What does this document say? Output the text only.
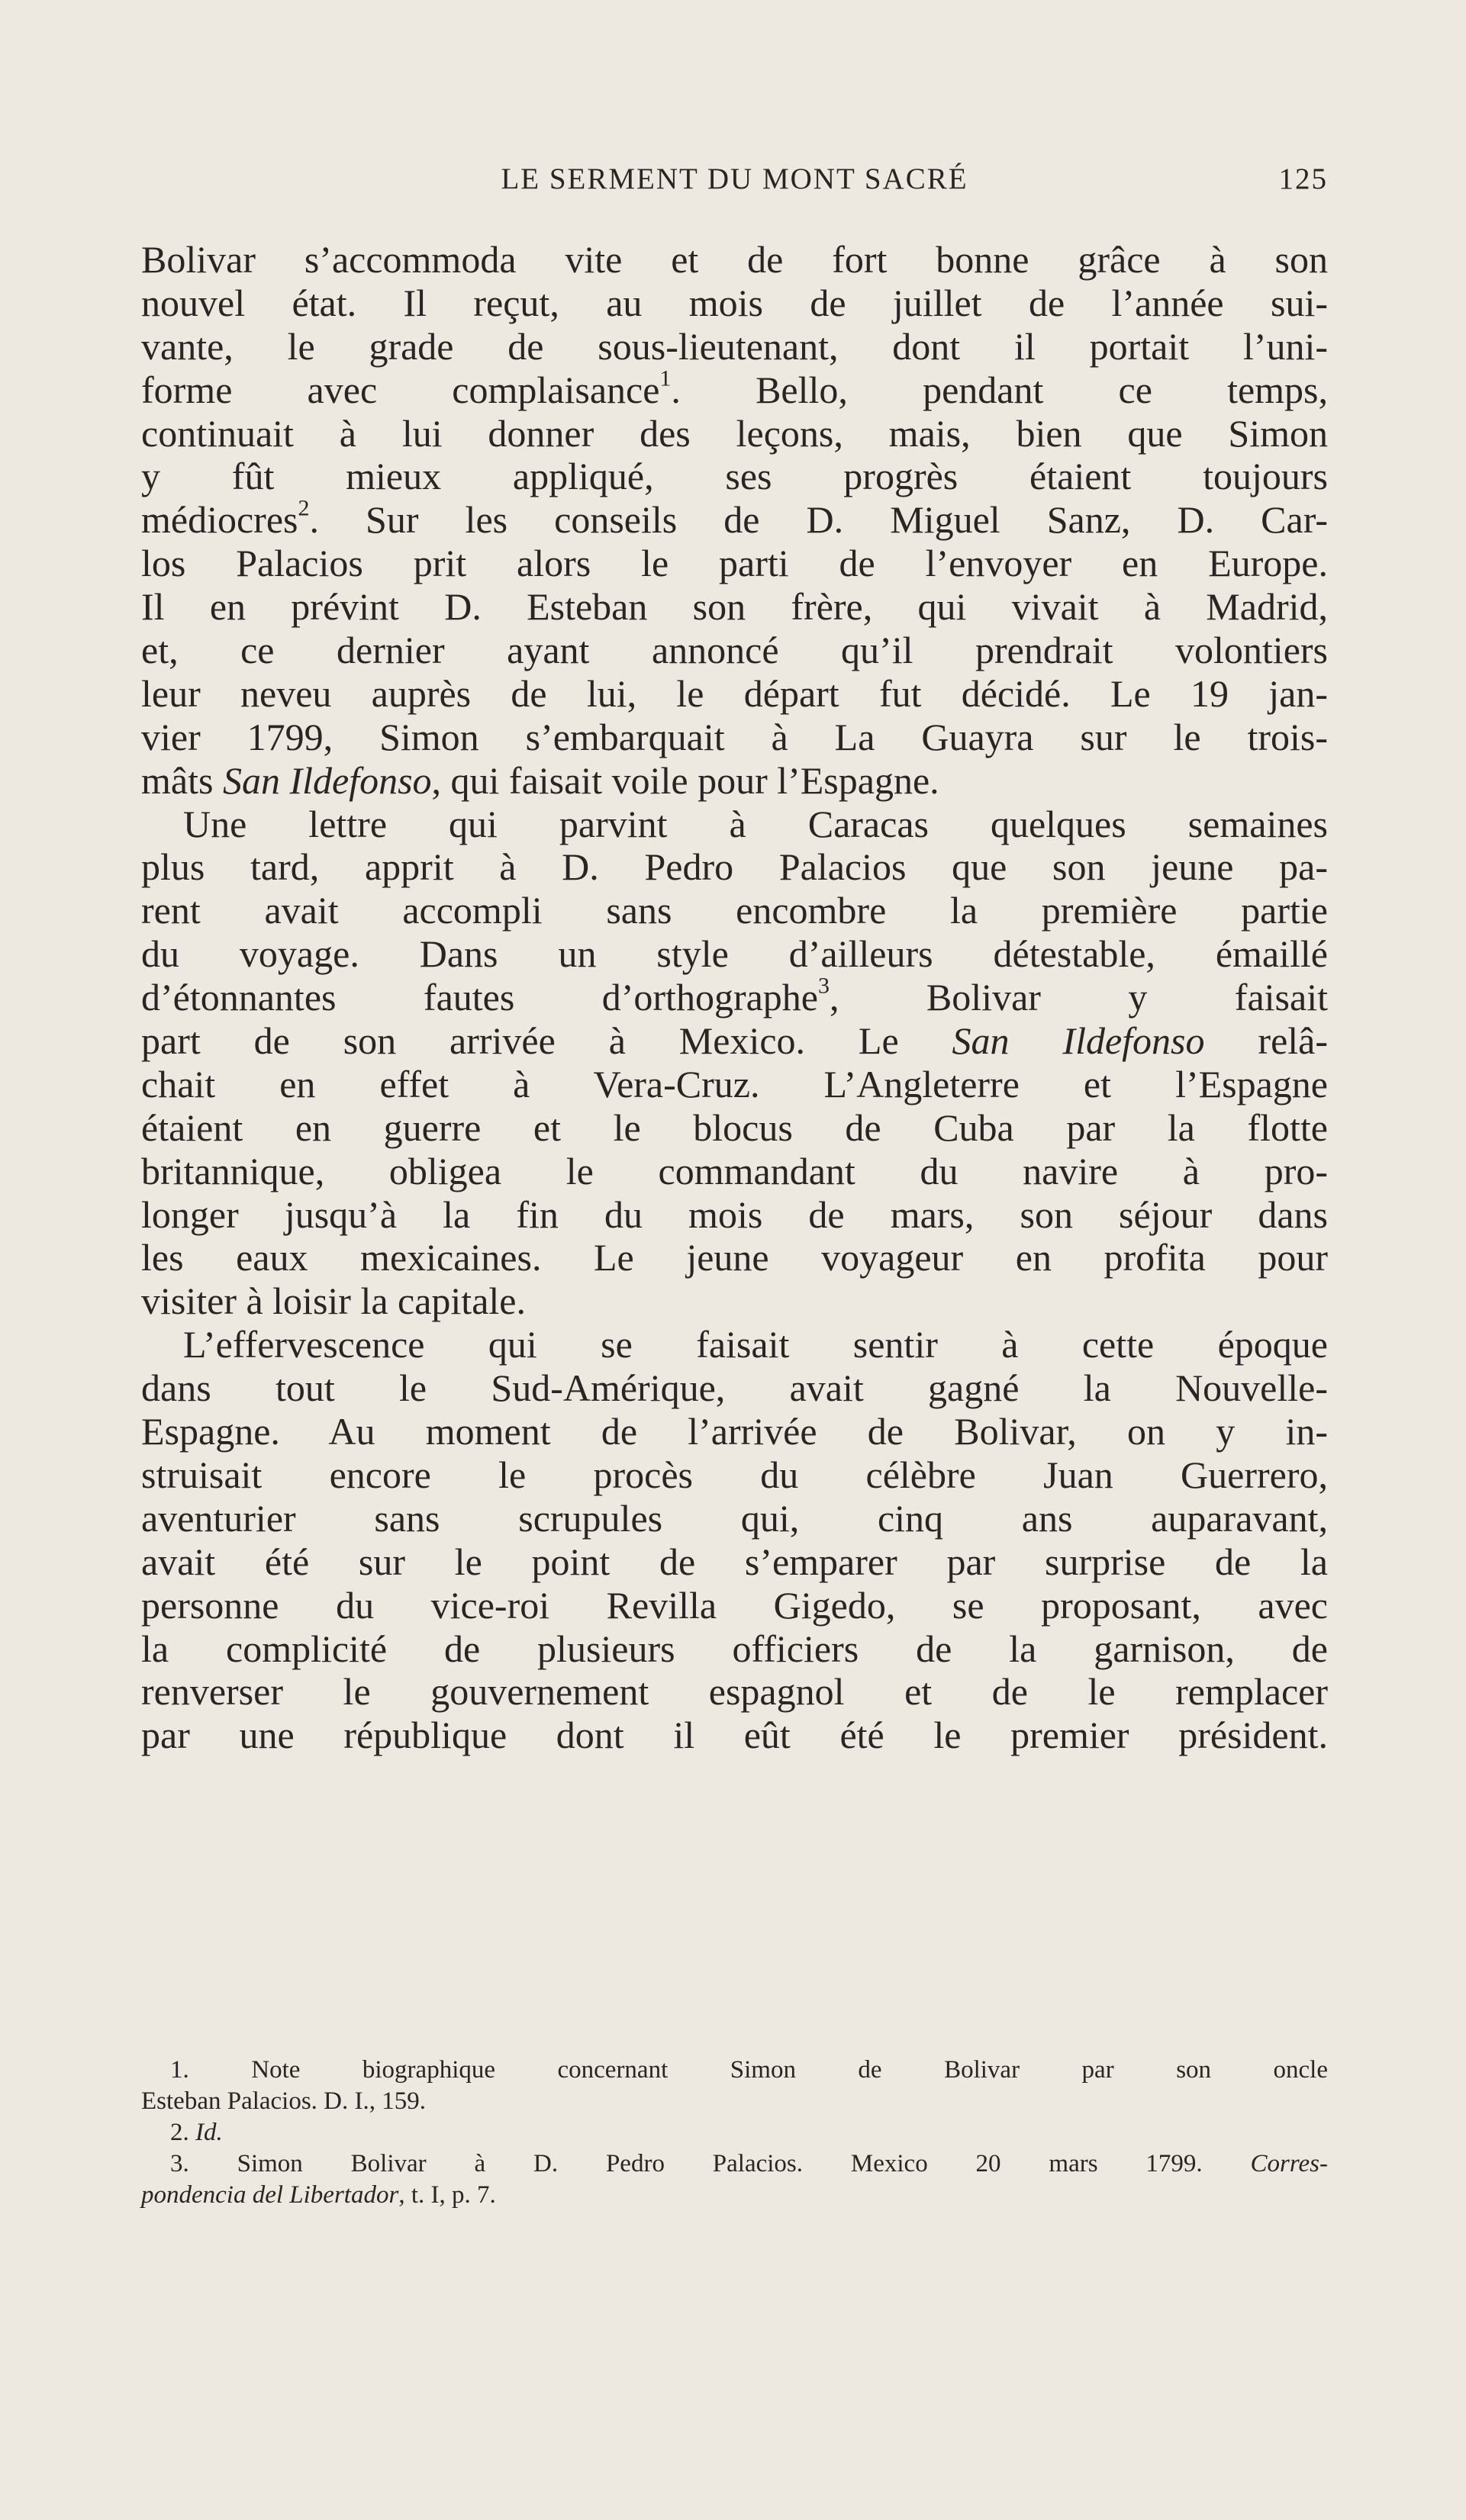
LE SERMENT DU MONT SACRÉ	125
Bolivar s’accommoda vite et de fort bonne grâce à son
nouvel état. Il reçut, au mois de juillet de l’année sui-
vante, le grade de sous-lieutenant, dont il portait l’uni-
forme avec complaisance$^1$. Bello, pendant ce temps,
continuait à lui donner des leçons, mais, bien que Simon
y fût mieux appliqué, ses progrès étaient toujours
médiocres$^2$. Sur les conseils de D. Miguel Sanz, D. Car-
los Palacios prit alors le parti de l’envoyer en Europe.
Il en prévint D. Esteban son frère, qui vivait à Madrid,
et, ce dernier ayant annoncé qu’il prendrait volontiers
leur neveu auprès de lui, le départ fut décidé. Le 19 jan-
vier 1799, Simon s’embarquait à La Guayra sur le trois-
mâts San Ildefonso, qui faisait voile pour l’Espagne.
Une lettre qui parvint à Caracas quelques semaines
plus tard, apprit à D. Pedro Palacios que son jeune pa-
rent avait accompli sans encombre la première partie
du voyage. Dans un style d’ailleurs détestable, émaillé
d’étonnantes fautes d’orthographe$^3$, Bolivar y faisait
part de son arrivée à Mexico. Le San Ildefonso relâ-
chait en effet à Vera-Cruz. L’Angleterre et l’Espagne
étaient en guerre et le blocus de Cuba par la flotte
britannique, obligea le commandant du navire à pro-
longer jusqu’à la fin du mois de mars, son séjour dans
les eaux mexicaines. Le jeune voyageur en profita pour
visiter à loisir la capitale.
L’effervescence qui se faisait sentir à cette époque
dans tout le Sud-Amérique, avait gagné la Nouvelle-
Espagne. Au moment de l’arrivée de Bolivar, on y in-
struisait encore le procès du célèbre Juan Guerrero,
aventurier sans scrupules qui, cinq ans auparavant,
avait été sur le point de s’emparer par surprise de la
personne du vice-roi Revilla Gigedo, se proposant, avec
la complicité de plusieurs officiers de la garnison, de
renverser le gouvernement espagnol et de le remplacer
par une république dont il eût été le premier président.
1. Note biographique concernant Simon de Bolivar par son oncle
Esteban Palacios. D. I., 159.
2. Id.
3. Simon Bolivar à D. Pedro Palacios. Mexico 20 mars 1799. Corres-
pondencia del Libertador, t. I, p. 7.
